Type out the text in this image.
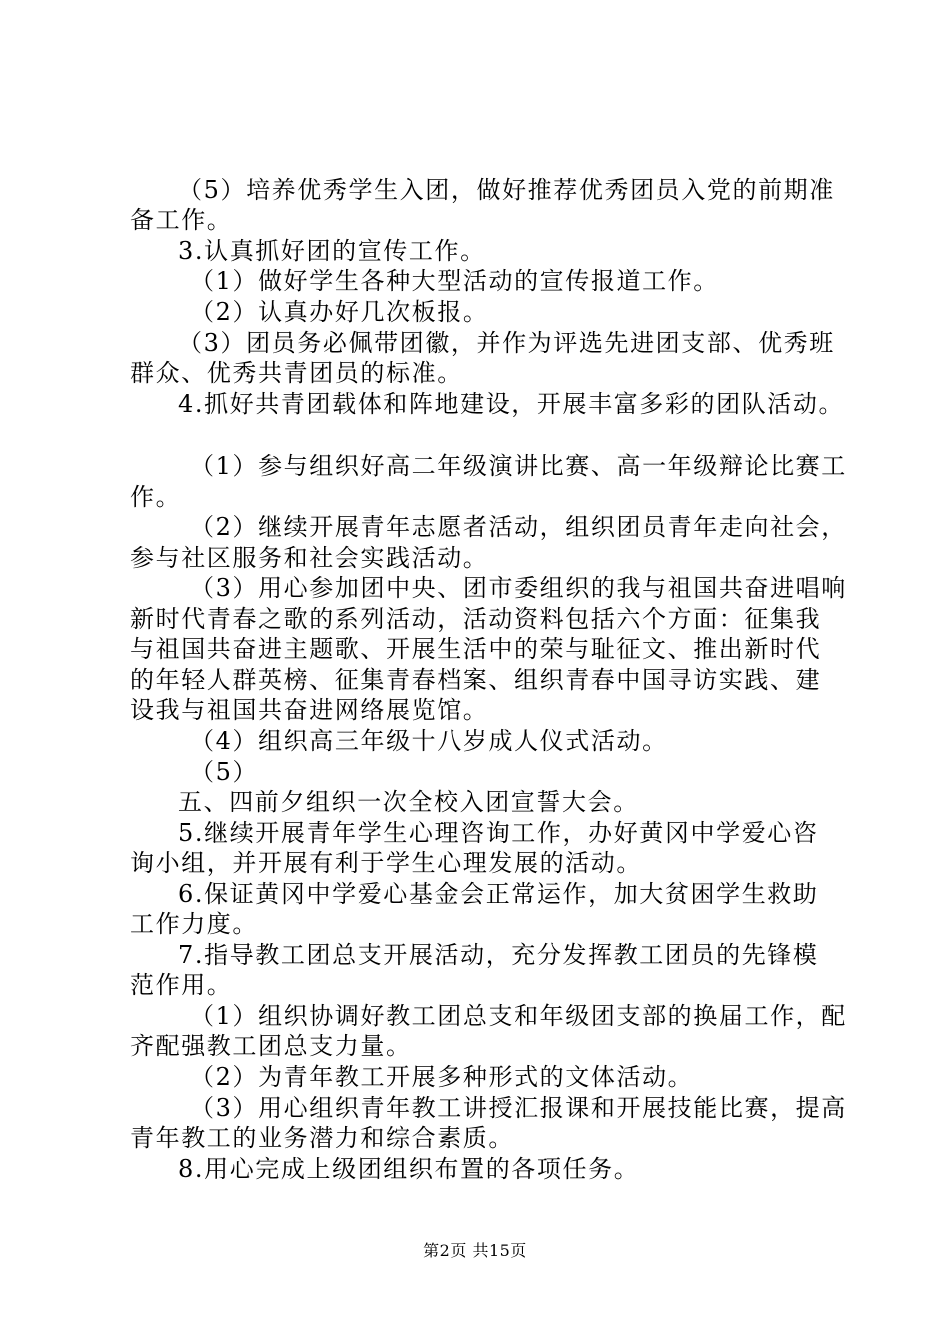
（5）培养优秀学生入团，做好推荐优秀团员入党的前期准
备工作。
3.认真抓好团的宣传工作。
（1）做好学生各种大型活动的宣传报道工作。
（2）认真办好几次板报。
（3）团员务必佩带团徽，并作为评选先进团支部、优秀班
群众、优秀共青团员的标准。
4.抓好共青团载体和阵地建设，开展丰富多彩的团队活动。
（1）参与组织好高二年级演讲比赛、高一年级辩论比赛工
作。
（2）继续开展青年志愿者活动，组织团员青年走向社会，
参与社区服务和社会实践活动。
（3）用心参加团中央、团市委组织的我与祖国共奋进唱响
新时代青春之歌的系列活动，活动资料包括六个方面：征集我
与祖国共奋进主题歌、开展生活中的荣与耻征文、推出新时代
的年轻人群英榜、征集青春档案、组织青春中国寻访实践、建
设我与祖国共奋进网络展览馆。
（4）组织高三年级十八岁成人仪式活动。
（5）
五、四前夕组织一次全校入团宣誓大会。
5.继续开展青年学生心理咨询工作，办好黄冈中学爱心咨
询小组，并开展有利于学生心理发展的活动。
6.保证黄冈中学爱心基金会正常运作，加大贫困学生救助
工作力度。
7.指导教工团总支开展活动，充分发挥教工团员的先锋模
范作用。
（1）组织协调好教工团总支和年级团支部的换届工作，配
齐配强教工团总支力量。
（2）为青年教工开展多种形式的文体活动。
（3）用心组织青年教工讲授汇报课和开展技能比赛，提高
青年教工的业务潜力和综合素质。
8.用心完成上级团组织布置的各项任务。
第2页 共15页
